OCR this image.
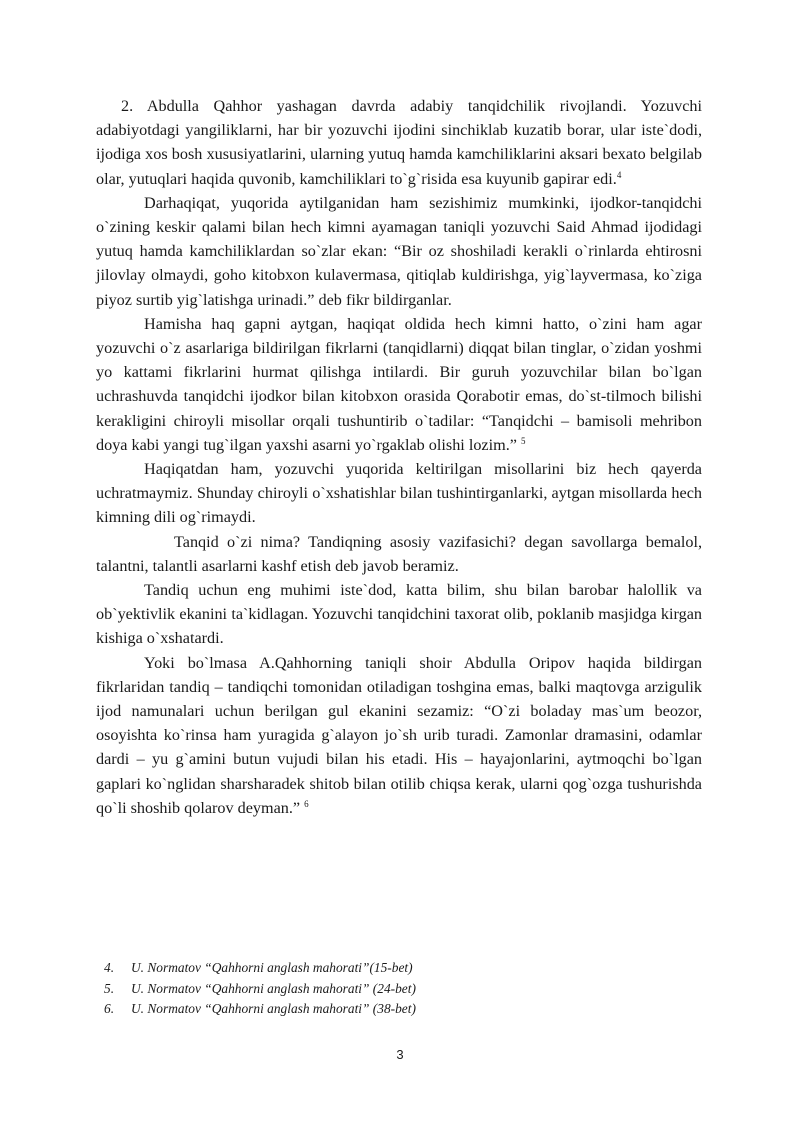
2. Abdulla Qahhor yashagan davrda adabiy tanqidchilik rivojlandi. Yozuvchi adabiyotdagi yangiliklarni, har bir yozuvchi ijodini sinchiklab kuzatib borar, ular iste`dodi, ijodiga xos bosh xususiyatlarini, ularning yutuq hamda kamchiliklarini aksari bexato belgilab olar, yutuqlari haqida quvonib, kamchiliklari to`g`risida esa kuyunib gapirar edi.$^4$

Darhaqiqat, yuqorida aytilganidan ham sezishimiz mumkinki, ijodkor-tanqidchi o`zining keskir qalami bilan hech kimni ayamagan taniqli yozuvchi Said Ahmad ijodidagi yutuq hamda kamchiliklardan so`zlar ekan: “Bir oz shoshiladi kerakli o`rinlarda ehtirosni jilovlay olmaydi, goho kitobxon kulavermasa, qitiqlab kuldirishga, yig`layvermasa, ko`ziga piyoz surtib yig`latishga urinadi.” deb fikr bildirganlar.

Hamisha haq gapni aytgan, haqiqat oldida hech kimni hatto, o`zini ham agar yozuvchi o`z asarlariga bildirilgan fikrlarni (tanqidlarni) diqqat bilan tinglar, o`zidan yoshmi yo kattami fikrlarini hurmat qilishga intilardi. Bir guruh yozuvchilar bilan bo`lgan uchrashuvda tanqidchi ijodkor bilan kitobxon orasida Qorabotir emas, do`st-tilmoch bilishi kerakligini chiroyli misollar orqali tushuntirib o`tadilar: “Tanqidchi – bamisoli mehribon doya kabi yangi tug`ilgan yaxshi asarni yo`rgaklab olishi lozim.” $^5$

Haqiqatdan ham, yozuvchi yuqorida keltirilgan misollarini biz hech qayerda uchratmaymiz. Shunday chiroyli o`xshatishlar bilan tushintirganlarki, aytgan misollarda hech kimning dili og`rimaydi.

Tanqid o`zi nima? Tandiqning asosiy vazifasichi? degan savollarga bemalol, talantni, talantli asarlarni kashf etish deb javob beramiz.

Tandiq uchun eng muhimi iste`dod, katta bilim, shu bilan barobar halollik va ob`yektivlik ekanini ta`kidlagan. Yozuvchi tanqidchini taxorat olib, poklanib masjidga kirgan kishiga o`xshatardi.

Yoki bo`lmasa A.Qahhorning taniqli shoir Abdulla Oripov haqida bildirgan fikrlaridan tandiq – tandiqchi tomonidan otiladigan toshgina emas, balki maqtovga arzigulik ijod namunalari uchun berilgan gul ekanini sezamiz: “O`zi boladay mas`um beozor, osoyishta ko`rinsa ham yuragida g`alayon jo`sh urib turadi. Zamonlar dramasini, odamlar dardi – yu g`amini butun vujudi bilan his etadi. His – hayajonlarini, aytmoqchi bo`lgan gaplari ko`nglidan sharsharadek shitob bilan otilib chiqsa kerak, ularni qog`ozga tushurishda qo`li shoshib qolarov deyman.” $^6$

4.	U. Normatov “Qahhorni anglash mahorati”(15-bet)
5.	U. Normatov “Qahhorni anglash mahorati” (24-bet)
6.	U. Normatov “Qahhorni anglash mahorati” (38-bet)
3
